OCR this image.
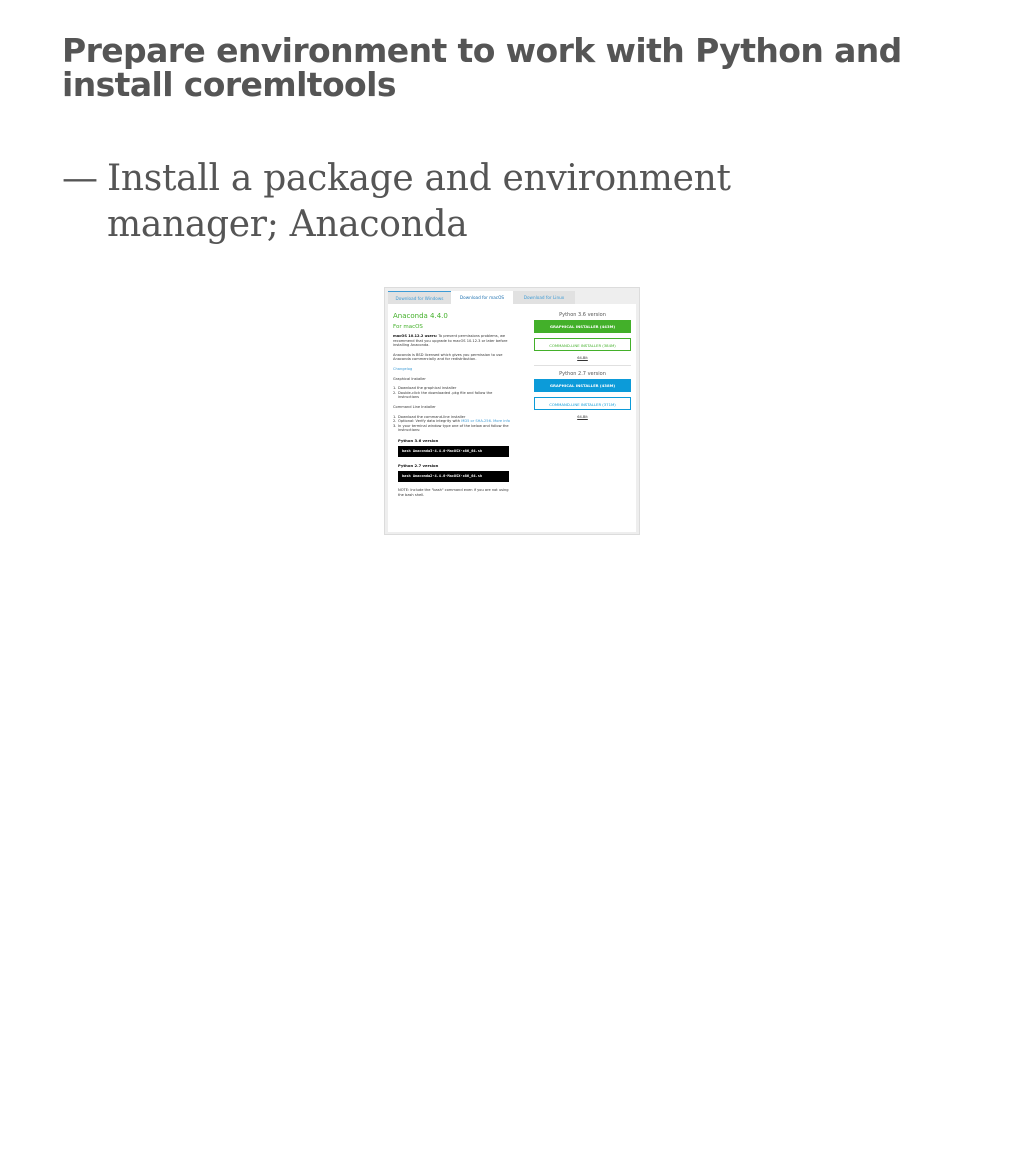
Prepare environment to work with Python and install coremltools
— Install a package and environment manager; Anaconda
Download for Windows	Download for macOS	Download for Linux
Anaconda 4.4.0
For macOS

macOS 10.12.2 users: To prevent permissions problems, we recommend that you upgrade to macOS 10.12.3 or later before installing Anaconda.

Anaconda is BSD licensed which gives you permission to use Anaconda commercially and for redistribution.

Changelog

Graphical Installer

1. Download the graphical installer
2. Double-click the downloaded .pkg file and follow the instructions

Command Line Installer

1. Download the command-line installer
2. Optional: Verify data integrity with MD5 or SHA-256. More info
3. In your terminal window type one of the below and follow the instructions:
Python 3.6 version
bash Anaconda3-4.4.0-MacOSX-x86_64.sh
Python 2.7 version
bash Anaconda2-4.4.0-MacOSX-x86_64.sh

NOTE: Include the "bash" command even if you are not using the bash shell.

Python 3.6 version
GRAPHICAL INSTALLER (443M)
COMMAND-LINE INSTALLER (384M)
64-Bit
Python 2.7 version
GRAPHICAL INSTALLER (438M)
COMMAND-LINE INSTALLER (371M)
64-Bit
